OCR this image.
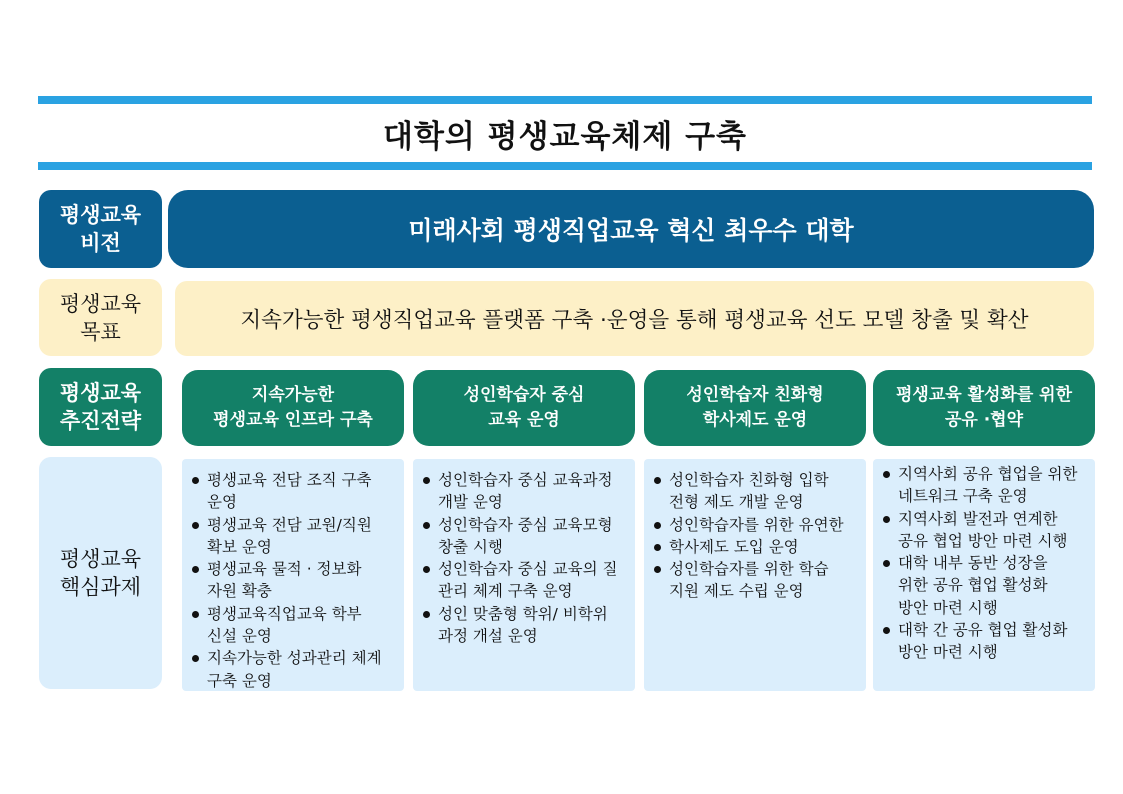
대학의 평생교육체제 구축
평생교육
비전	미래사회 평생직업교육 혁신 최우수 대학
평생교육
목표	지속가능한 평생직업교육 플랫폼 구축 ·운영을 통해 평생교육 선도 모델 창출 및 확산
평생교육
추진전략
지속가능한
평생교육 인프라 구축
성인학습자 중심
교육 운영
성인학습자 친화형
학사제도 운영
평생교육 활성화를 위한
공유 ·협약
평생교육
핵심과제
평생교육 전담 조직 구축
운영
평생교육 전담 교원/직원
확보 운영
평생교육 물적 · 정보화
자원 확충
평생교육직업교육 학부
신설 운영
지속가능한 성과관리 체계
구축 운영
성인학습자 중심 교육과정
개발 운영
성인학습자 중심 교육모형
창출 시행
성인학습자 중심 교육의 질
관리 체계 구축 운영
성인 맞춤형 학위/ 비학위
과정 개설 운영
성인학습자 친화형 입학
전형 제도 개발 운영
성인학습자를 위한 유연한
학사제도 도입 운영
성인학습자를 위한 학습
지원 제도 수립 운영
지역사회 공유 협업을 위한
네트워크 구축 운영
지역사회 발전과 연계한
공유 협업 방안 마련 시행
대학 내부 동반 성장을
위한 공유 협업 활성화
방안 마련 시행
대학 간 공유 협업 활성화
방안 마련 시행
